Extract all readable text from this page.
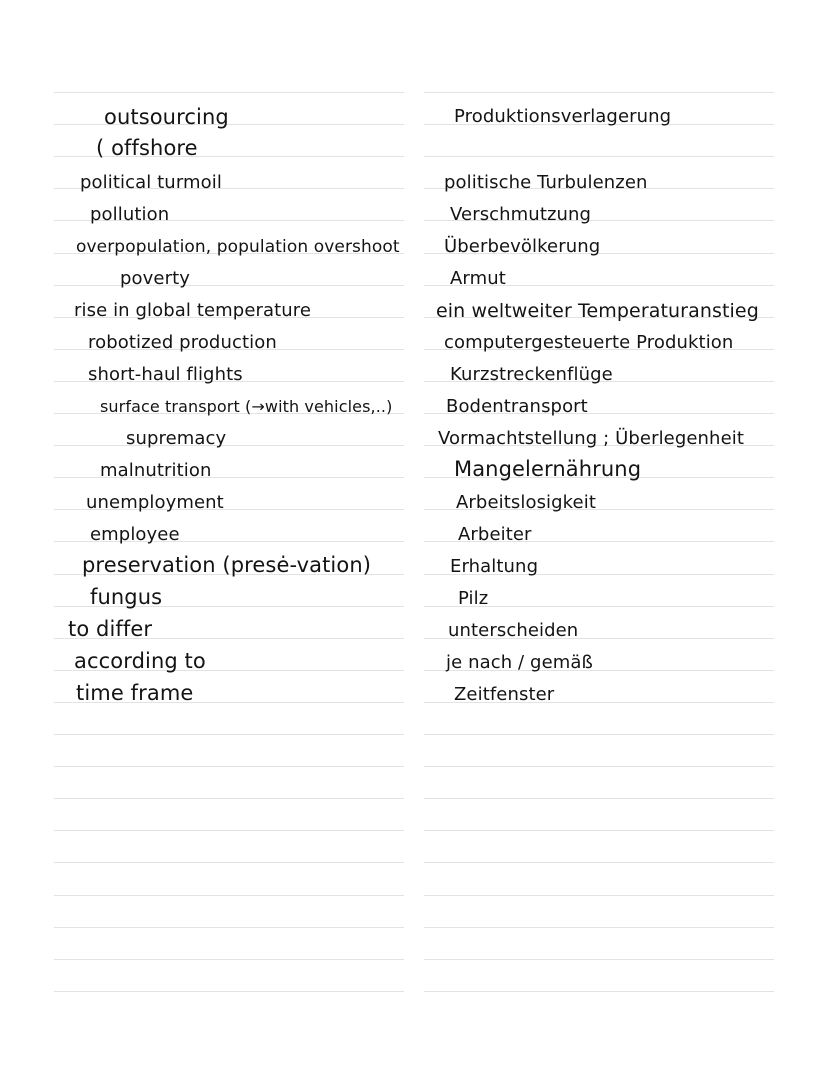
outsourcing
( offshore
political turmoil
pollution
overpopulation, population overshoot
poverty
rise in global temperature
robotized production
short-haul flights
surface transport (→with vehicles,..)
supremacy
malnutrition
unemployment
employee
preservation (presė-vation)
fungus
to differ
according to
time frame
Produktionsverlagerung
politische Turbulenzen
Verschmutzung
Überbevölkerung
Armut
ein weltweiter Temperaturanstieg
computergesteuerte Produktion
Kurzstreckenflüge
Bodentransport
Vormachtstellung ; Überlegenheit
Mangelernährung
Arbeitslosigkeit
Arbeiter
Erhaltung
Pilz
unterscheiden
je nach / gemäß
Zeitfenster
